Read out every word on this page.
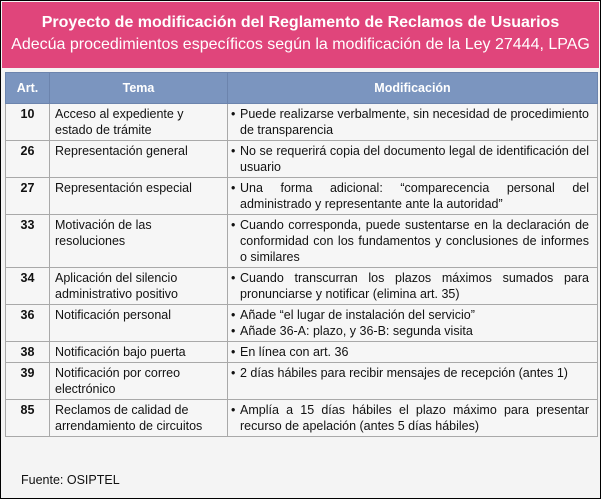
Proyecto de modificación del Reglamento de Reclamos de Usuarios
Adecúa procedimientos específicos según la modificación de la Ley 27444, LPAG
Art.	Tema	Modificación
10	Acceso al expediente y estado de trámite	• Puede realizarse verbalmente, sin necesidad de procedimiento de transparencia

26	Representación general	• No se requerirá copia del documento legal de identificación del usuario

27	Representación especial	• Una forma adicional: “comparecencia personal del administrado y representante ante la autoridad”

33	Motivación de las resoluciones	• Cuando corresponda, puede sustentarse en la declaración de conformidad con los fundamentos y conclusiones de informes o similares

34	Aplicación del silencio administrativo positivo	• Cuando transcurran los plazos máximos sumados para pronunciarse y notificar (elimina art. 35)

36	Notificación personal	• Añade “el lugar de instalación del servicio”
• Añade 36-A: plazo, y 36-B: segunda visita

38	Notificación bajo puerta	• En línea con art. 36

39	Notificación por correo electrónico	• 2 días hábiles para recibir mensajes de recepción (antes 1)

85	Reclamos de calidad de arrendamiento de circuitos	• Amplía a 15 días hábiles el plazo máximo para presentar recurso de apelación (antes 5 días hábiles)
Fuente: OSIPTEL
